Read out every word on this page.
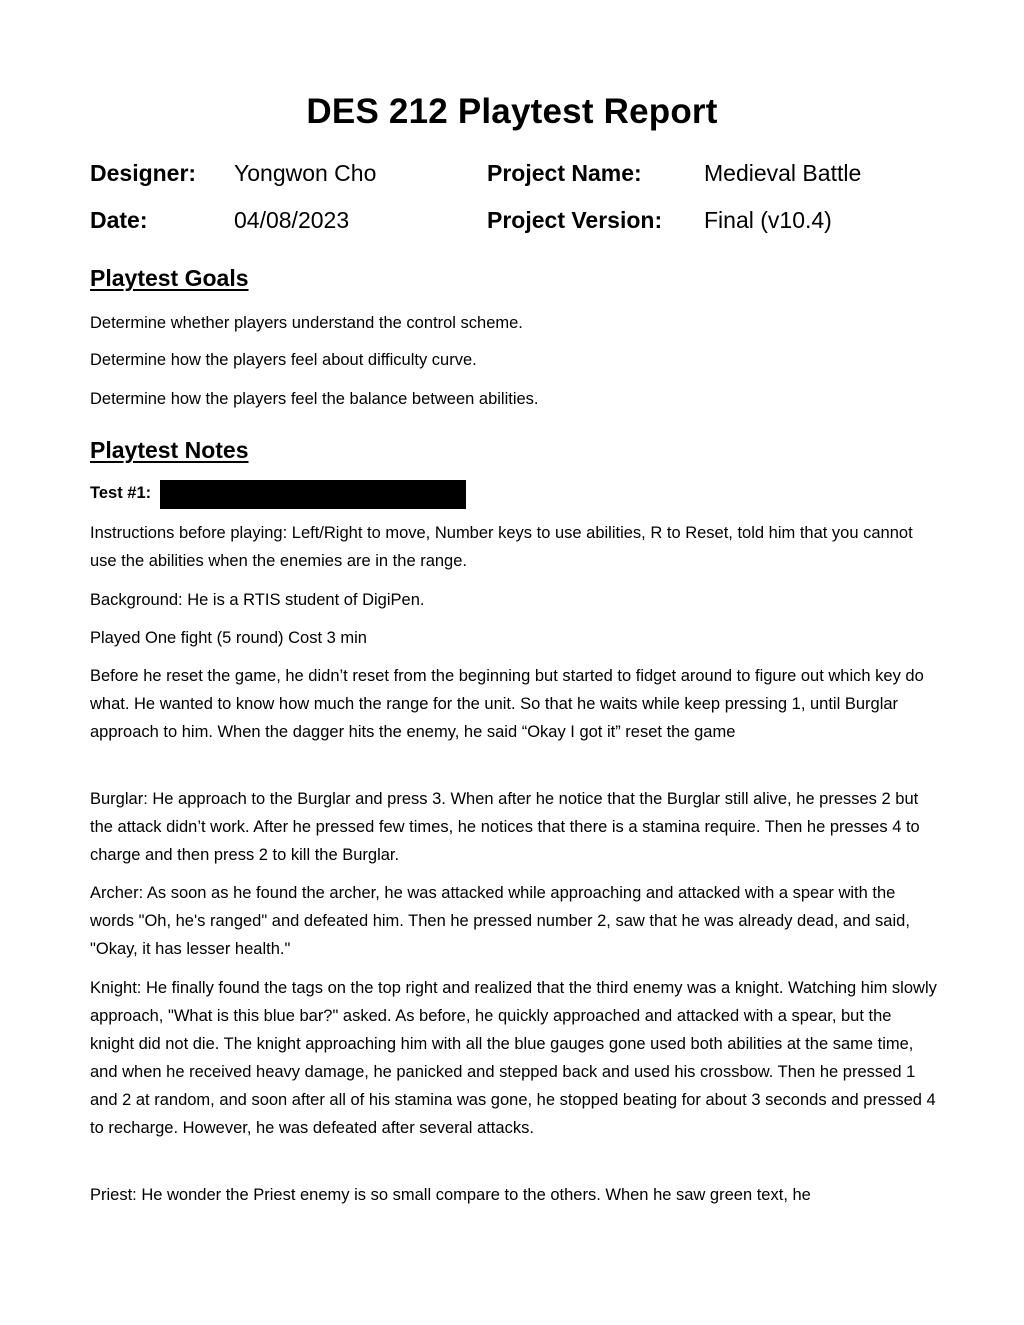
DES 212 Playtest Report
Designer: Yongwon Cho	Project Name:	Medieval Battle
Date:	04/08/2023	Project Version: Final (v10.4)
Playtest Goals
Determine whether players understand the control scheme.
Determine how the players feel about difficulty curve.
Determine how the players feel the balance between abilities.
Playtest Notes
Test #1:
Instructions before playing: Left/Right to move, Number keys to use abilities, R to Reset, told him that you cannot use the abilities when the enemies are in the range.
Background: He is a RTIS student of DigiPen.
Played One fight (5 round) Cost 3 min
Before he reset the game, he didn’t reset from the beginning but started to fidget around to figure out which key do what. He wanted to know how much the range for the unit. So that he waits while keep pressing 1, until Burglar approach to him. When the dagger hits the enemy, he said “Okay I got it” reset the game
Burglar: He approach to the Burglar and press 3. When after he notice that the Burglar still alive, he presses 2 but the attack didn’t work. After he pressed few times, he notices that there is a stamina require. Then he presses 4 to charge and then press 2 to kill the Burglar.
Archer: As soon as he found the archer, he was attacked while approaching and attacked with a spear with the words "Oh, he's ranged" and defeated him. Then he pressed number 2, saw that he was already dead, and said, "Okay, it has lesser health."
Knight: He finally found the tags on the top right and realized that the third enemy was a knight. Watching him slowly approach, "What is this blue bar?" asked. As before, he quickly approached and attacked with a spear, but the knight did not die. The knight approaching him with all the blue gauges gone used both abilities at the same time, and when he received heavy damage, he panicked and stepped back and used his crossbow. Then he pressed 1 and 2 at random, and soon after all of his stamina was gone, he stopped beating for about 3 seconds and pressed 4 to recharge. However, he was defeated after several attacks.
Priest: He wonder the Priest enemy is so small compare to the others. When he saw green text, he
